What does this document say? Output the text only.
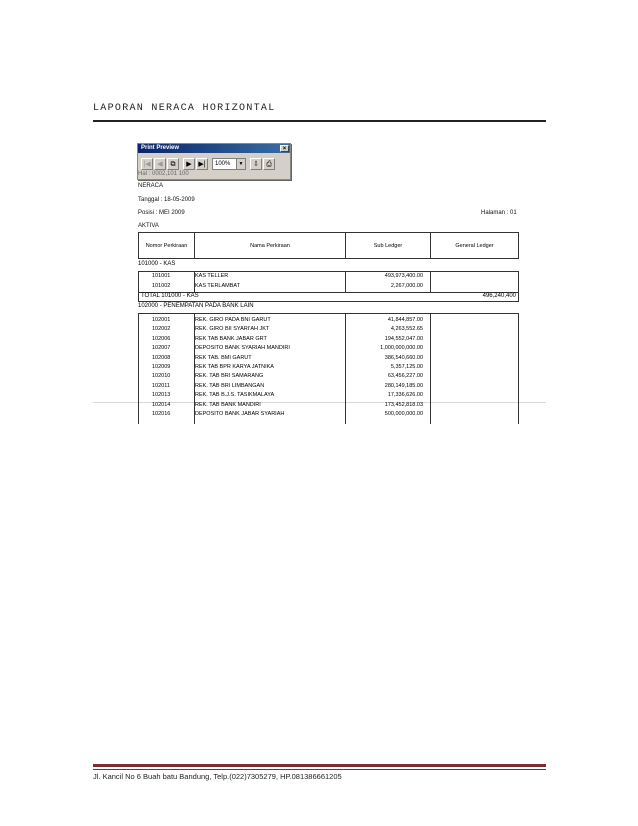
LAPORAN NERACA HORIZONTAL
Print Preview	×
|◀ ◀	⧉	▶ ▶|	100%	▼	⇩	⎙
Hal : 0002,101 100
NERACA
Tanggal : 18-05-2009
Posisi : MEI 2009	Halaman : 01
AKTIVA
Nomor Perkiraan	Nama Perkiraan	Sub Ledger	General Ledger
101000 - KAS
101001	KAS TELLER	493,973,400.00
101002	KAS TERLAMBAT	2,267,000.00
TOTAL 101000 - KAS	496,240,400
102000 - PENEMPATAN PADA BANK LAIN
102001	REK. GIRO PADA BNI GARUT	41,844,857.00
102002	REK. GIRO BII SYARI'AH JKT	4,263,552.65
102006	REK TAB BANK JABAR GRT	194,552,047.00
102007	DEPOSITO BANK SYARIAH MANDIRI	1,000,000,000.00
102008	REK TAB. BMI GARUT	386,540,660.00
102009	REK TAB BPR KARYA JATNIKA	5,357,125.00
102010	REK. TAB BRI SAMARANG	63,456,227.00
102011	REK. TAB BRI LIMBANGAN	280,149,185.00
102013	REK. TAB B.J.S. TASIKMALAYA	17,336,626.00
102014	REK. TAB BANK MANDIRI	173,452,818.03
102016	DEPOSITO BANK JABAR SYARIAH	500,000,000.00
Jl. Kancil No 6 Buah batu Bandung, Telp.(022)7305279, HP.081386661205
